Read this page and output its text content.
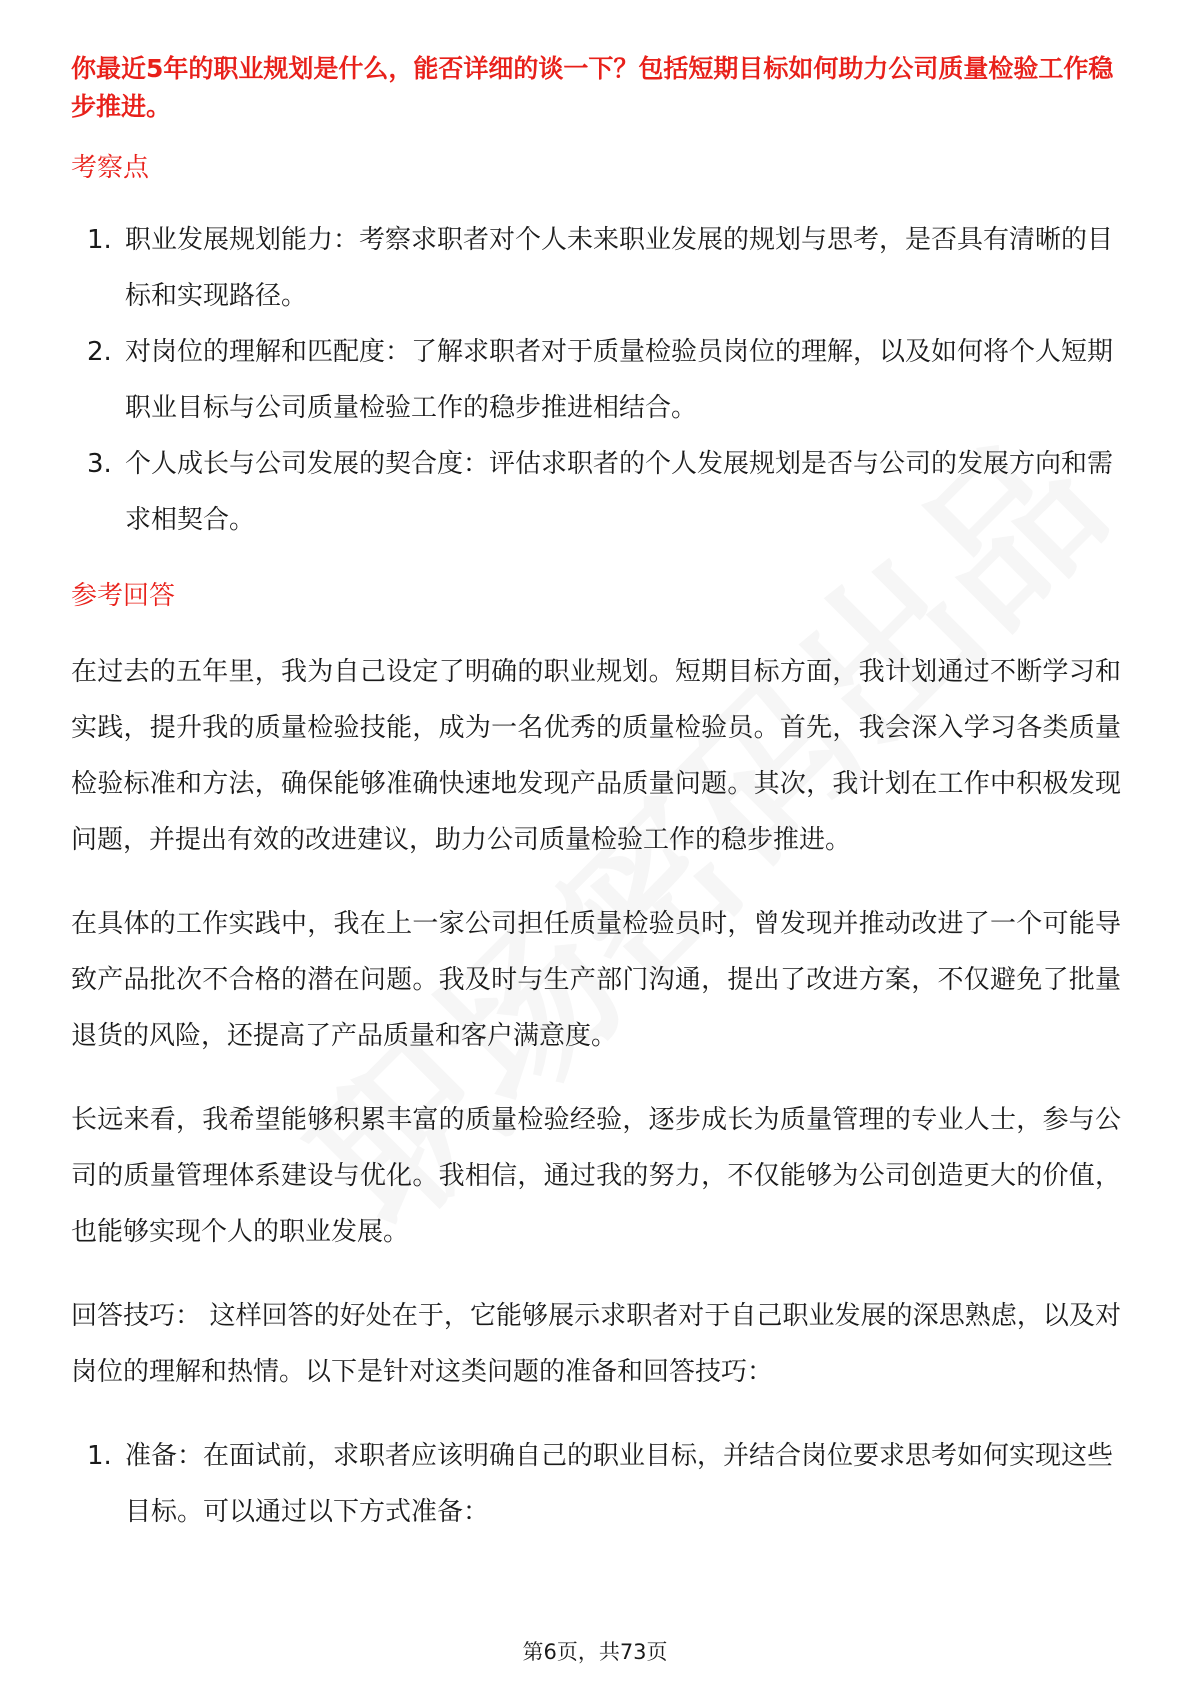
你最近5年的职业规划是什么，能否详细的谈一下？包括短期目标如何助力公司质量检验工作稳步推进。

考察点

1. 职业发展规划能力：考察求职者对个人未来职业发展的规划与思考，是否具有清晰的目标和实现路径。
2. 对岗位的理解和匹配度：了解求职者对于质量检验员岗位的理解，以及如何将个人短期职业目标与公司质量检验工作的稳步推进相结合。
3. 个人成长与公司发展的契合度：评估求职者的个人发展规划是否与公司的发展方向和需求相契合。

参考回答

在过去的五年里，我为自己设定了明确的职业规划。短期目标方面，我计划通过不断学习和实践，提升我的质量检验技能，成为一名优秀的质量检验员。首先，我会深入学习各类质量检验标准和方法，确保能够准确快速地发现产品质量问题。其次，我计划在工作中积极发现问题，并提出有效的改进建议，助力公司质量检验工作的稳步推进。

在具体的工作实践中，我在上一家公司担任质量检验员时，曾发现并推动改进了一个可能导致产品批次不合格的潜在问题。我及时与生产部门沟通，提出了改进方案，不仅避免了批量退货的风险，还提高了产品质量和客户满意度。

长远来看，我希望能够积累丰富的质量检验经验，逐步成长为质量管理的专业人士，参与公司的质量管理体系建设与优化。我相信，通过我的努力，不仅能够为公司创造更大的价值，也能够实现个人的职业发展。

回答技巧： 这样回答的好处在于，它能够展示求职者对于自己职业发展的深思熟虑，以及对岗位的理解和热情。以下是针对这类问题的准备和回答技巧：

1. 准备：在面试前，求职者应该明确自己的职业目标，并结合岗位要求思考如何实现这些目标。可以通过以下方式准备：
第6页，共73页
